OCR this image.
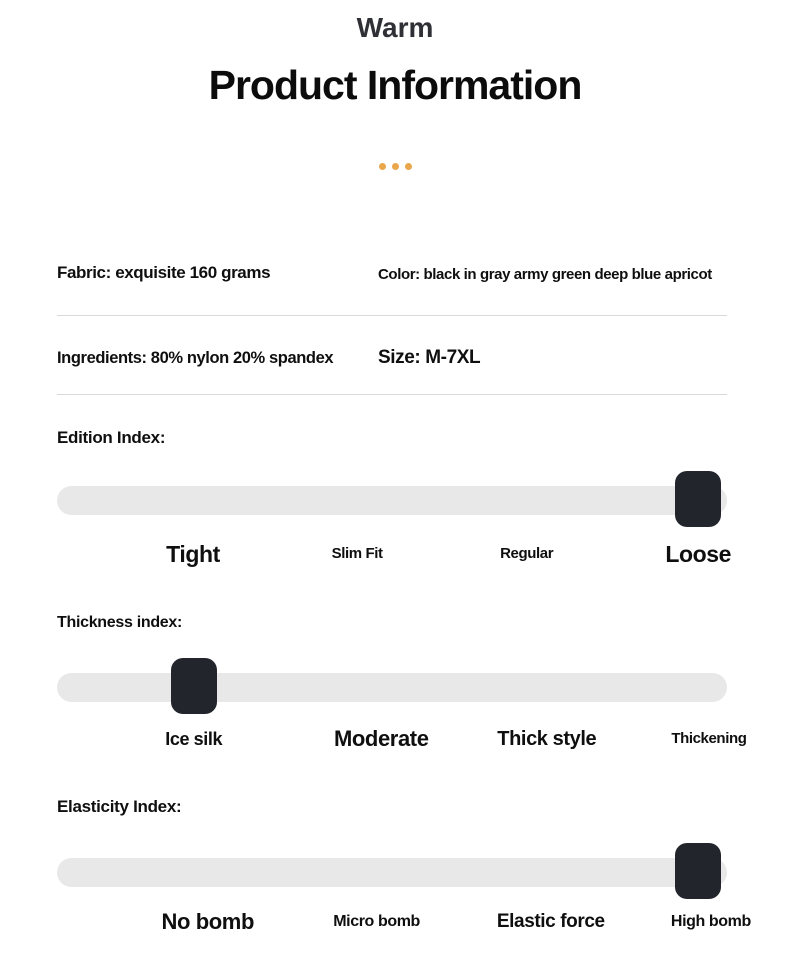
Warm
Product Information
Fabric: exquisite 160 grams	Color: black in gray army green deep blue apricot
Ingredients: 80% nylon 20% spandex Size: M-7XL
Edition Index:
Tight	Slim Fit	Regular	Loose
Thickness index:
Ice silk	Moderate	Thick style	Thickening
Elasticity Index:
No bomb	Micro bomb	Elastic force	High bomb
